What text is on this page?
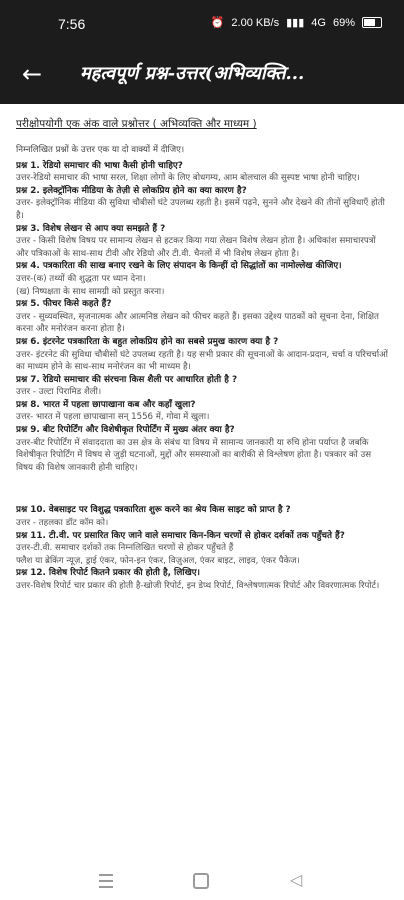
7:56	⏰ 2.00 KB/s ▮▮▮ 4G 69%
←	महत्वपूर्ण प्रश्न-उत्तर(अभिव्यक्ति...

परीक्षोपयोगी एक अंक वाले प्रश्नोत्तर ( अभिव्यक्ति और माध्यम )

निम्नलिखित प्रश्नों के उत्तर एक या दो वाक्यों में दीजिए।

प्रश्न 1. रेडियो समाचार की भाषा कैसी होनी चाहिए?

उत्तर-रेडियो समाचार की भाषा सरल, शिक्षा लोगों के लिए बोधगम्य, आम बोलचाल की सुस्पष्ट भाषा होनी चाहिए।

प्रश्न 2. इलेक्ट्रॉनिक मीडिया के तेज़ी से लोकप्रिय होने का क्या कारण है?

उत्तर- इलेक्ट्रॉनिक मीडिया की सुविधा चौबीसों घंटे उपलब्ध रहती है। इसमें पढ़ने, सुनने और देखने की तीनों सुविधाएँ होती है।

प्रश्न 3. विशेष लेखन से आप क्या समझते हैं ?

उत्तर - किसी विशेष विषय पर सामान्य लेखन से हटकर किया गया लेखन विशेष लेखन होता है। अधिकांश समाचारपत्रों और पत्रिकाओं के साथ-साथ टीवी और रेडियो और टी.वी. चैनलों में भी विशेष लेखन होता है।

प्रश्न 4. पत्रकारिता की साख बनाए रखने के लिए संपादन के किन्हीं दो सिद्धांतों का नामोल्लेख कीजिए।

उत्तर-(क) तथ्यों की शुद्धता पर ध्यान देना।

(ख) निष्पक्षता के साथ सामग्री को प्रस्तुत करना।

प्रश्न 5. फीचर किसे कहते हैं?

उत्तर - सुव्यवस्थित, सृजनात्मक और आत्मनिष्ठ लेखन को फीचर कहते हैं। इसका उद्देश्य पाठकों को सूचना देना, शिक्षित करना और मनोरंजन करना होता है।

प्रश्न 6. इंटरनेट पत्रकारिता के बहुत लोकप्रिय होने का सबसे प्रमुख कारण क्या है ?

उत्तर- इंटरनेट की सुविधा चौबीसों घंटे उपलब्ध रहती है। यह सभी प्रकार की सूचनाओं के आदान-प्रदान, चर्चा व परिचर्चाओं का माध्यम होने के साथ-साथ मनोरंजन का भी माध्यम है।

प्रश्न 7. रेडियो समाचार की संरचना किस शैली पर आधारित होती है ?

उत्तर - उल्टा पिरामिड शैली।

प्रश्न 8. भारत में पहला छापाखाना कब और कहाँ खुला?

उत्तर- भारत में पहला छापाखाना सन् 1556 में, गोवा में खुला।

प्रश्न 9. बीट रिपोर्टिंग और विशेषीकृत रिपोर्टिंग में मुख्य अंतर क्या है?

उत्तर-बीट रिपोर्टिंग में संवाददाता का उस क्षेत्र के संबंध या विषय में सामान्य जानकारी या रुचि होना पर्याप्त है जबकि विशेषीकृत रिपोर्टिंग में विषय से जुड़ी घटनाओं, मुद्दों और समस्याओं का बारीकी से विश्लेषण होता है। पत्रकार को उस विषय की विशेष जानकारी होनी चाहिए।

प्रश्न 10. वेबसाइट पर विशुद्ध पत्रकारिता शुरू करने का श्रेय किस साइट को प्राप्त है ?

उत्तर - तहलका डॉट कॉम को।

प्रश्न 11. टी.वी. पर प्रसारित किए जाने वाले समाचार किन-किन चरणों से होकर दर्शकों तक पहुँचते हैं?

उत्तर-टी.वी. समाचार दर्शकों तक निम्नलिखित चरणों से होकर पहुँचते हैं

फ्लैश या ब्रेकिंग न्यूज़, ड्राई एंकर, फोन-इन एंकर, विज़ुअल, एंकर बाइट, लाइव, एंकर पैकेज।

प्रश्न 12. विशेष रिपोर्ट कितने प्रकार की होती है, लिखिए।

उत्तर-विशेष रिपोर्ट चार प्रकार की होती है-खोजी रिपोर्ट, इन डेप्थ रिपोर्ट, विश्लेषणात्मक रिपोर्ट और विवरणात्मक रिपोर्ट।

◁
